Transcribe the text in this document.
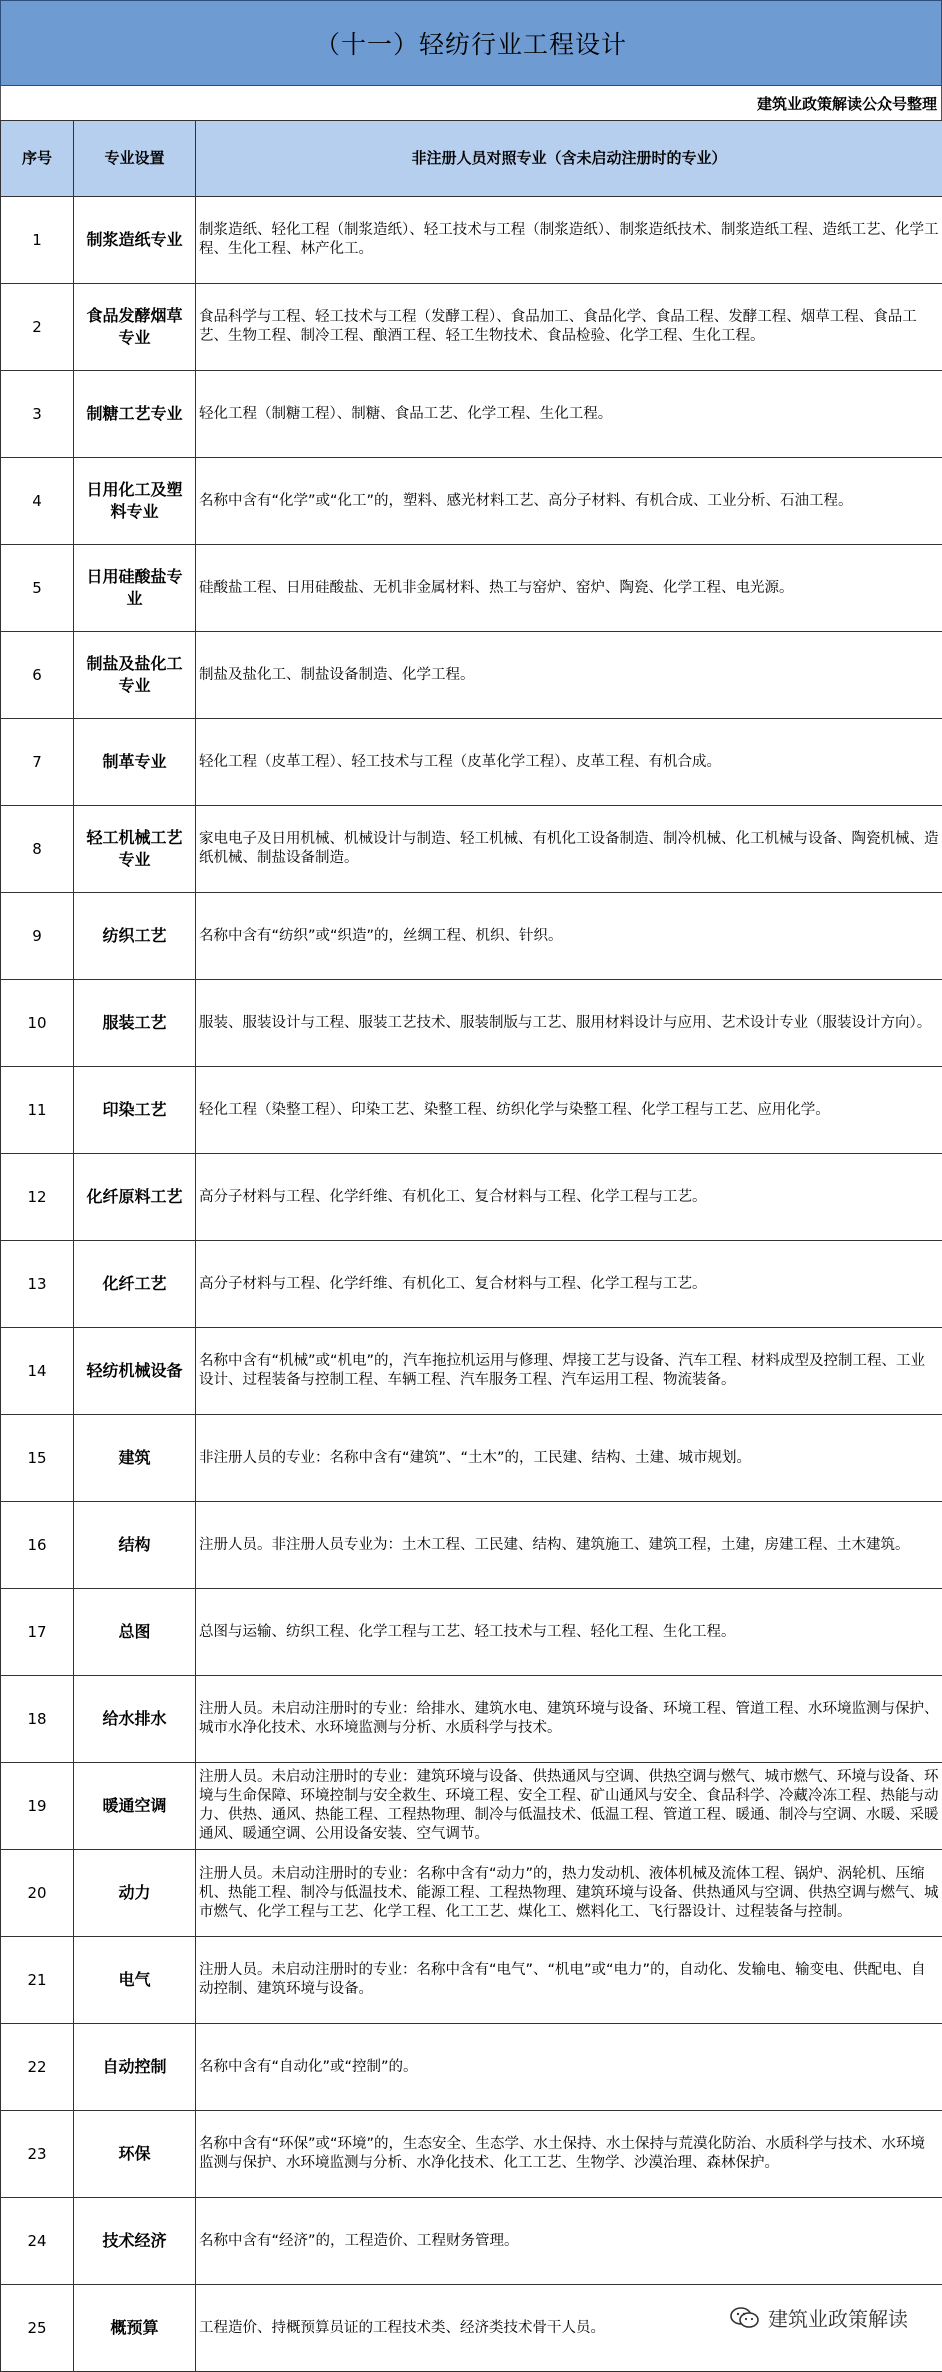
（十一）轻纺行业工程设计
建筑业政策解读公众号整理
序号	专业设置	非注册人员对照专业（含未启动注册时的专业）
1	制浆造纸专业	制浆造纸、轻化工程（制浆造纸）、轻工技术与工程（制浆造纸）、制浆造纸技术、制浆造纸工程、造纸工艺、化学工程、生化工程、林产化工。
2	食品发酵烟草专业	食品科学与工程、轻工技术与工程（发酵工程）、食品加工、食品化学、食品工程、发酵工程、烟草工程、食品工艺、生物工程、制冷工程、酿酒工程、轻工生物技术、食品检验、化学工程、生化工程。
3	制糖工艺专业	轻化工程（制糖工程）、制糖、食品工艺、化学工程、生化工程。
4	日用化工及塑料专业	名称中含有“化学”或“化工”的，塑料、感光材料工艺、高分子材料、有机合成、工业分析、石油工程。
5	日用硅酸盐专业	硅酸盐工程、日用硅酸盐、无机非金属材料、热工与窑炉、窑炉、陶瓷、化学工程、电光源。
6	制盐及盐化工专业	制盐及盐化工、制盐设备制造、化学工程。
7	制革专业	轻化工程（皮革工程）、轻工技术与工程（皮革化学工程）、皮革工程、有机合成。
8	轻工机械工艺专业	家电电子及日用机械、机械设计与制造、轻工机械、有机化工设备制造、制冷机械、化工机械与设备、陶瓷机械、造纸机械、制盐设备制造。
9	纺织工艺	名称中含有“纺织”或“织造”的，丝绸工程、机织、针织。
10	服装工艺	服装、服装设计与工程、服装工艺技术、服装制版与工艺、服用材料设计与应用、艺术设计专业（服装设计方向）。
11	印染工艺	轻化工程（染整工程）、印染工艺、染整工程、纺织化学与染整工程、化学工程与工艺、应用化学。
12	化纤原料工艺	高分子材料与工程、化学纤维、有机化工、复合材料与工程、化学工程与工艺。
13	化纤工艺	高分子材料与工程、化学纤维、有机化工、复合材料与工程、化学工程与工艺。
14	轻纺机械设备	名称中含有“机械”或“机电”的，汽车拖拉机运用与修理、焊接工艺与设备、汽车工程、材料成型及控制工程、工业设计、过程装备与控制工程、车辆工程、汽车服务工程、汽车运用工程、物流装备。
15	建筑	非注册人员的专业：名称中含有“建筑”、“土木”的，工民建、结构、土建、城市规划。
16	结构	注册人员。非注册人员专业为：土木工程、工民建、结构、建筑施工、建筑工程，土建，房建工程、土木建筑。
17	总图	总图与运输、纺织工程、化学工程与工艺、轻工技术与工程、轻化工程、生化工程。
18	给水排水	注册人员。未启动注册时的专业：给排水、建筑水电、建筑环境与设备、环境工程、管道工程、水环境监测与保护、城市水净化技术、水环境监测与分析、水质科学与技术。
19	暖通空调	注册人员。未启动注册时的专业：建筑环境与设备、供热通风与空调、供热空调与燃气、城市燃气、环境与设备、环境与生命保障、环境控制与安全救生、环境工程、安全工程、矿山通风与安全、食品科学、冷藏冷冻工程、热能与动力、供热、通风、热能工程、工程热物理、制冷与低温技术、低温工程、管道工程、暖通、制冷与空调、水暖、采暖通风、暖通空调、公用设备安装、空气调节。
20	动力	注册人员。未启动注册时的专业：名称中含有“动力”的，热力发动机、液体机械及流体工程、锅炉、涡轮机、压缩机、热能工程、制冷与低温技术、能源工程、工程热物理、建筑环境与设备、供热通风与空调、供热空调与燃气、城市燃气、化学工程与工艺、化学工程、化工工艺、煤化工、燃料化工、飞行器设计、过程装备与控制。
21	电气	注册人员。未启动注册时的专业：名称中含有“电气”、“机电”或“电力”的，自动化、发输电、输变电、供配电、自动控制、建筑环境与设备。
22	自动控制	名称中含有“自动化”或“控制”的。
23	环保	名称中含有“环保”或“环境”的，生态安全、生态学、水土保持、水土保持与荒漠化防治、水质科学与技术、水环境监测与保护、水环境监测与分析、水净化技术、化工工艺、生物学、沙漠治理、森林保护。
24	技术经济	名称中含有“经济”的，工程造价、工程财务管理。
25	概预算	工程造价、持概预算员证的工程技术类、经济类技术骨干人员。	建筑业政策解读
